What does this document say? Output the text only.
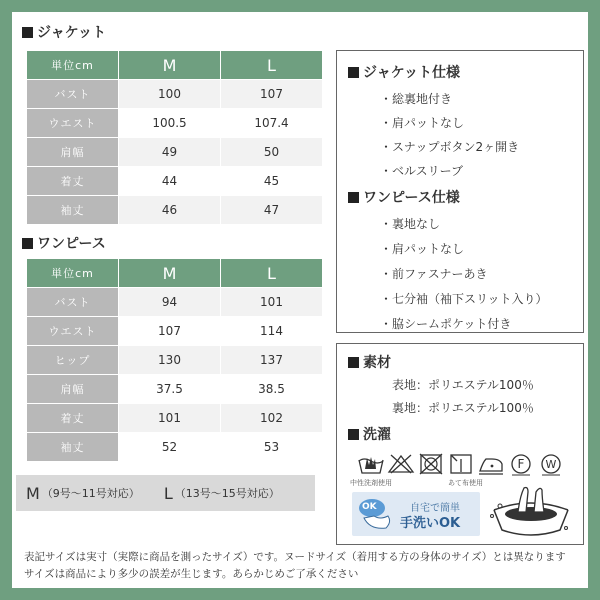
ジャケット
単位cm	M	L
バスト	100	107
ウエスト	100.5	107.4
肩幅	49	50
着丈	44	45
袖丈	46	47
ワンピース
単位cm	M	L
バスト	94	101
ウエスト	107	114
ヒップ	130	137
肩幅	37.5	38.5
着丈	101	102
袖丈	52	53
M （9号～11号対応） L （13号～15号対応）
ジャケット仕様
・総裏地付き
・肩パットなし
・スナップボタン2ヶ開き
・ベルスリーブ
ワンピース仕様
・裏地なし
・肩パットなし
・前ファスナーあき
・七分袖（袖下スリット入り）
・脇シームポケット付き
素材
表地：ポリエステル100％
裏地：ポリエステル100％
洗濯
F W
中性洗剤使用	あて布使用
OK	自宅で簡単
手洗いOK
表記サイズは実寸（実際に商品を測ったサイズ）です。ヌードサイズ（着用する方の身体のサイズ）とは異なります
サイズは商品により多少の誤差が生じます。あらかじめご了承ください
